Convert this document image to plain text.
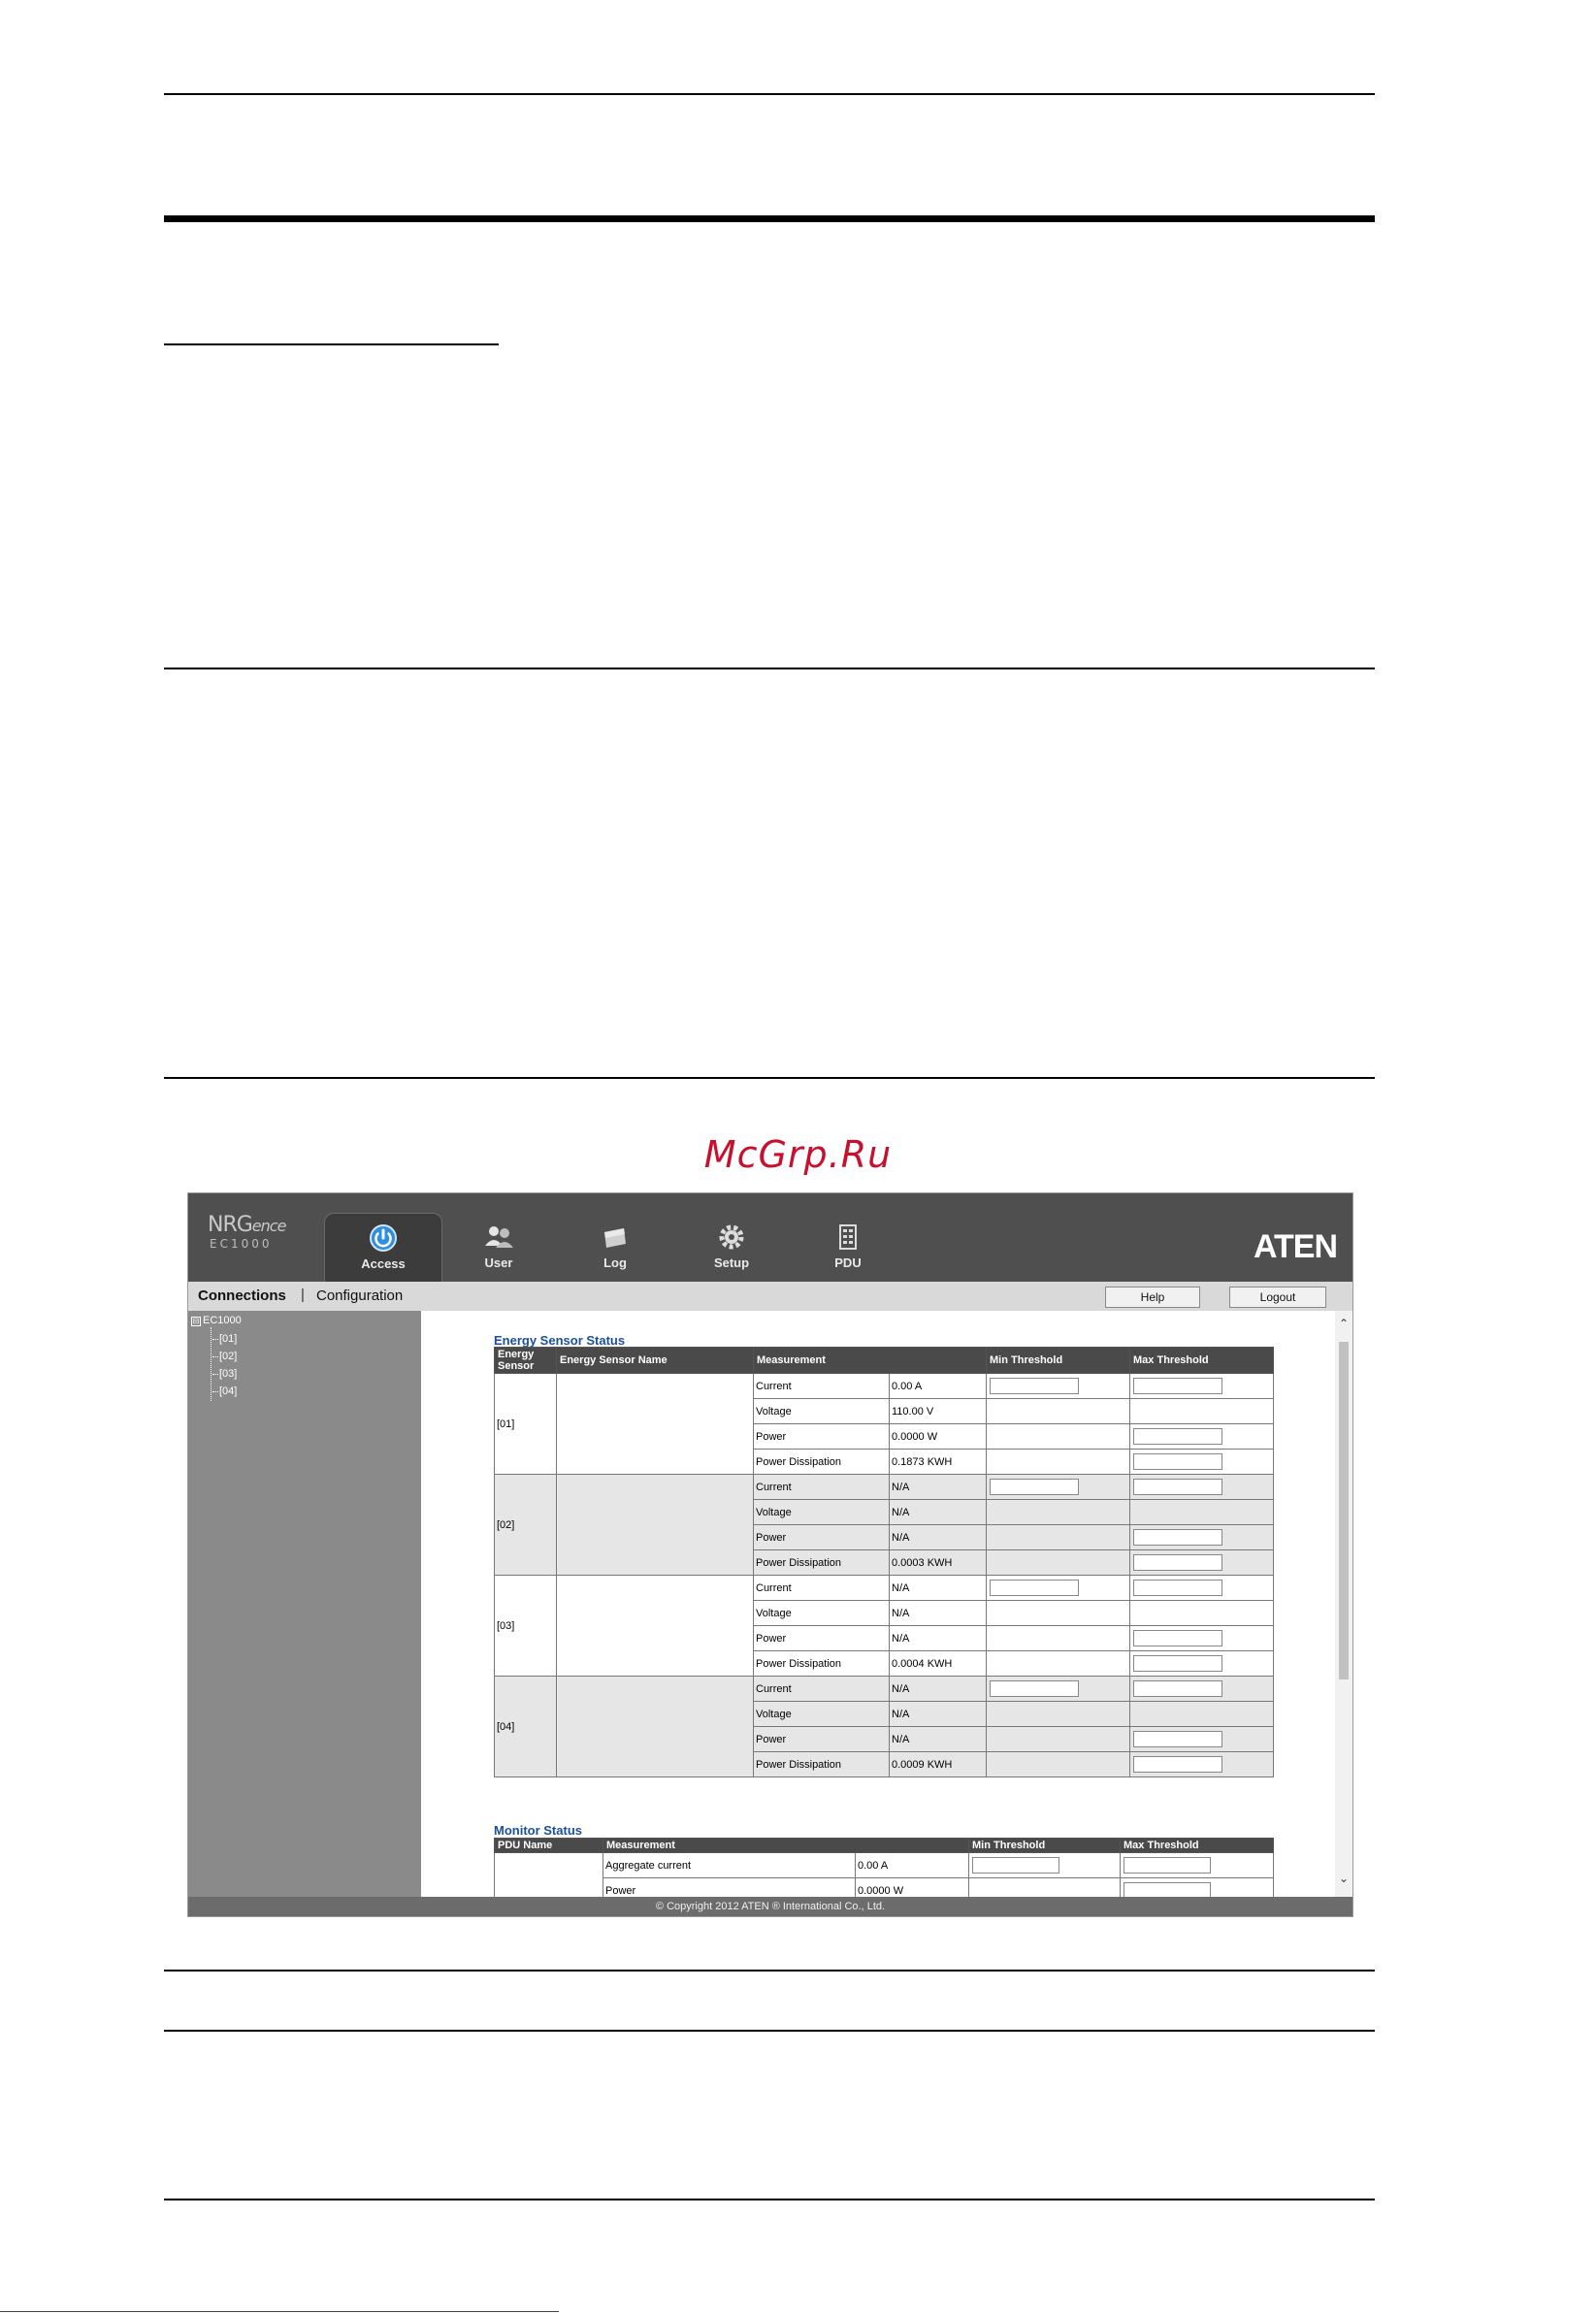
McGrp.Ru
NRGence
EC1000
Access	User	Log	Setup	PDU	ATEN
Connections | Configuration	Help	Logout
⊟ EC1000
[01]
[02]
[03]
[04]
Energy Sensor Status
Energy Sensor	Energy Sensor Name	Measurement		Min Threshold	Max Threshold
[01]		Current	0.00 A	

		Voltage	110.00 V		
		Power	0.0000 W		

		Power Dissipation	0.1873 KWH		

[02]		Current	N/A	

		Voltage	N/A		
		Power	N/A		

		Power Dissipation	0.0003 KWH		

[03]		Current	N/A	

		Voltage	N/A		
		Power	N/A		

		Power Dissipation	0.0004 KWH		

[04]		Current	N/A	

		Voltage	N/A		
		Power	N/A		

		Power Dissipation	0.0009 KWH		
Monitor Status
PDU Name	Measurement		Min Threshold	Max Threshold
	Aggregate current	0.00 A	

	Power	0.0000 W		
⌃
⌄
© Copyright 2012 ATEN ® International Co., Ltd.
